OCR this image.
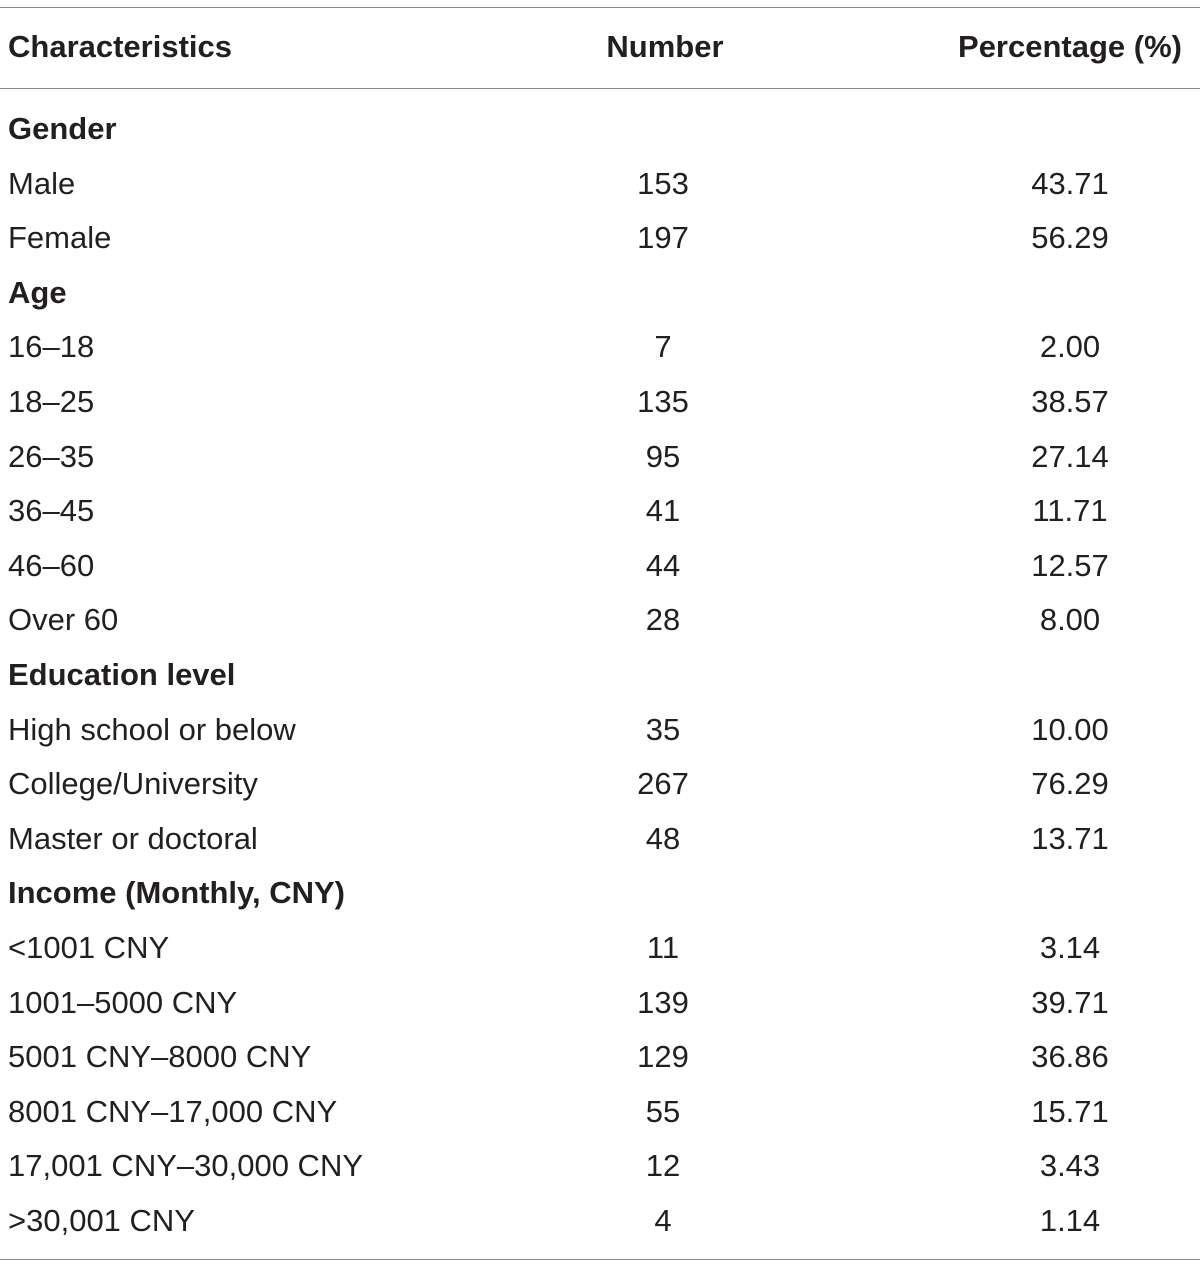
Characteristics	Number	Percentage (%)
Gender
Male	153	43.71
Female	197	56.29
Age
16–18	7	2.00
18–25	135	38.57
26–35	95	27.14
36–45	41	11.71
46–60	44	12.57
Over 60	28	8.00
Education level
High school or below	35	10.00
College/University	267	76.29
Master or doctoral	48	13.71
Income (Monthly, CNY)
<1001 CNY	11	3.14
1001–5000 CNY	139	39.71
5001 CNY–8000 CNY	129	36.86
8001 CNY–17,000 CNY	55	15.71
17,001 CNY–30,000 CNY	12	3.43
>30,001 CNY	4	1.14
